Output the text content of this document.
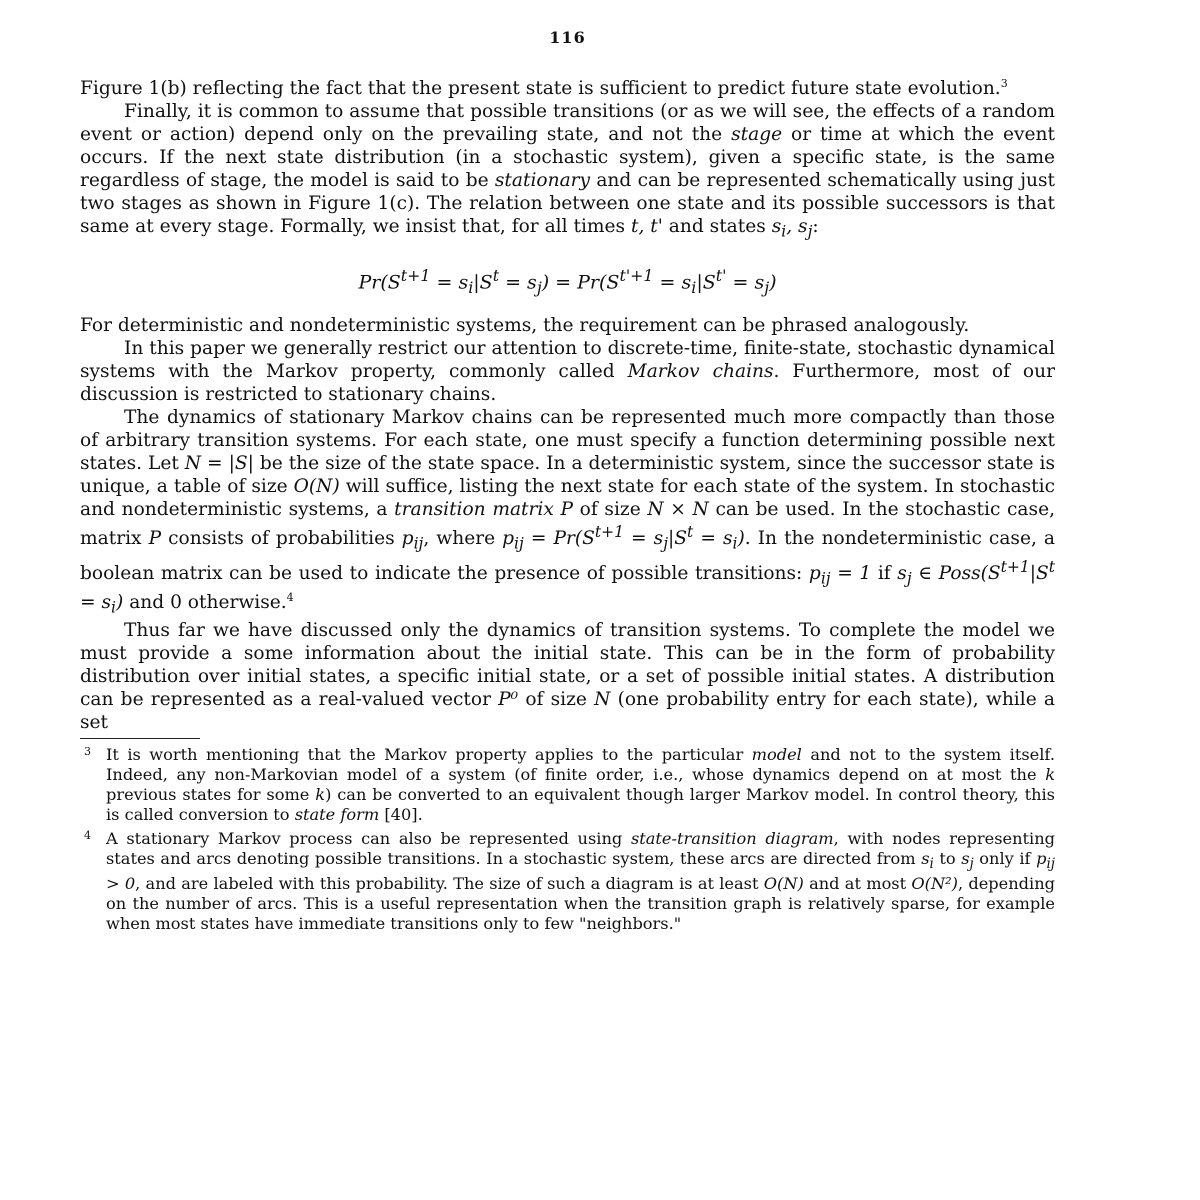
116

Figure 1(b) reflecting the fact that the present state is sufficient to predict future state evolution.$^3$

Finally, it is common to assume that possible transitions (or as we will see, the effects of a random event or action) depend only on the prevailing state, and not the stage or time at which the event occurs. If the next state distribution (in a stochastic system), given a specific state, is the same regardless of stage, the model is said to be stationary and can be represented schematically using just two stages as shown in Figure 1(c). The relation between one state and its possible successors is that same at every stage. Formally, we insist that, for all times t, t' and states $s_i$, $s_j$:

$Pr(S^{t+1} = s_i|S^t = s_j) = Pr(S^{t'+1} = s_i|S^{t'} = s_j)$

For deterministic and nondeterministic systems, the requirement can be phrased analogously.

In this paper we generally restrict our attention to discrete-time, finite-state, stochastic dynamical systems with the Markov property, commonly called Markov chains. Furthermore, most of our discussion is restricted to stationary chains.

The dynamics of stationary Markov chains can be represented much more compactly than those of arbitrary transition systems. For each state, one must specify a function determining possible next states. Let N = |S| be the size of the state space. In a deterministic system, since the successor state is unique, a table of size O(N) will suffice, listing the next state for each state of the system. In stochastic and nondeterministic systems, a transition matrix P of size N × N can be used. In the stochastic case, matrix P consists of probabilities $p_{ij}$, where $p_{ij} = Pr(S^{t+1} = s_j|S^t = s_i)$. In the nondeterministic case, a boolean matrix can be used to indicate the presence of possible transitions: $p_{ij} = 1$ if $s_j$ ∈ $Poss(S^{t+1}|S^t = s_i)$ and 0 otherwise.$^4$

Thus far we have discussed only the dynamics of transition systems. To complete the model we must provide a some information about the initial state. This can be in the form of probability distribution over initial states, a specific initial state, or a set of possible initial states. A distribution can be represented as a real-valued vector P⁰ of size N (one probability entry for each state), while a set

3 It is worth mentioning that the Markov property applies to the particular model and not to the system itself. Indeed, any non-Markovian model of a system (of finite order, i.e., whose dynamics depend on at most the k previous states for some k) can be converted to an equivalent though larger Markov model. In control theory, this is called conversion to state form [40].

4 A stationary Markov process can also be represented using state-transition diagram, with nodes representing states and arcs denoting possible transitions. In a stochastic system, these arcs are directed from $s_i$ to $s_j$ only if $p_{ij} > 0$, and are labeled with this probability. The size of such a diagram is at least O(N) and at most O(N²), depending on the number of arcs. This is a useful representation when the transition graph is relatively sparse, for example when most states have immediate transitions only to few "neighbors."
